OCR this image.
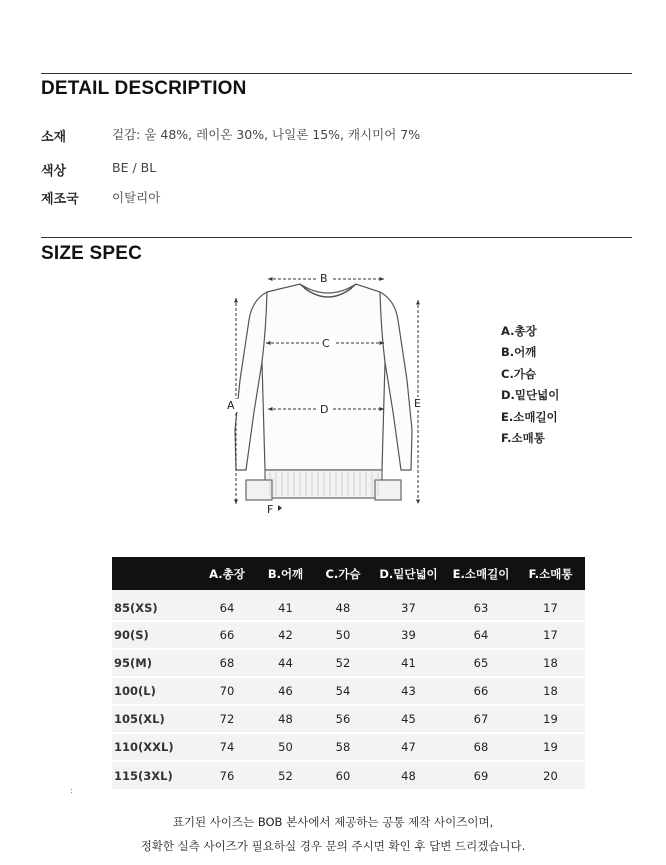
DETAIL DESCRIPTION
소재	겉감: 울 48%, 레이온 30%, 나일론 15%, 캐시미어 7%
색상	BE / BL
제조국	이탈리아
SIZE SPEC
B
C
D
A	E
F
A.총장
B.어깨
C.가슴
D.밑단넓이
E.소매길이
F.소매통
	A.총장	B.어깨	C.가슴	D.밑단넓이	E.소매길이	F.소매통
85(XS)	64	41	48	37	63	17
90(S)	66	42	50	39	64	17
95(M)	68	44	52	41	65	18
100(L)	70	46	54	43	66	18
105(XL)	72	48	56	45	67	19
110(XXL)	74	50	58	47	68	19
115(3XL)	76	52	60	48	69	20
:
표기된 사이즈는 BOB 본사에서 제공하는 공통 제작 사이즈이며,
정확한 실측 사이즈가 필요하실 경우 문의 주시면 확인 후 답변 드리겠습니다.
